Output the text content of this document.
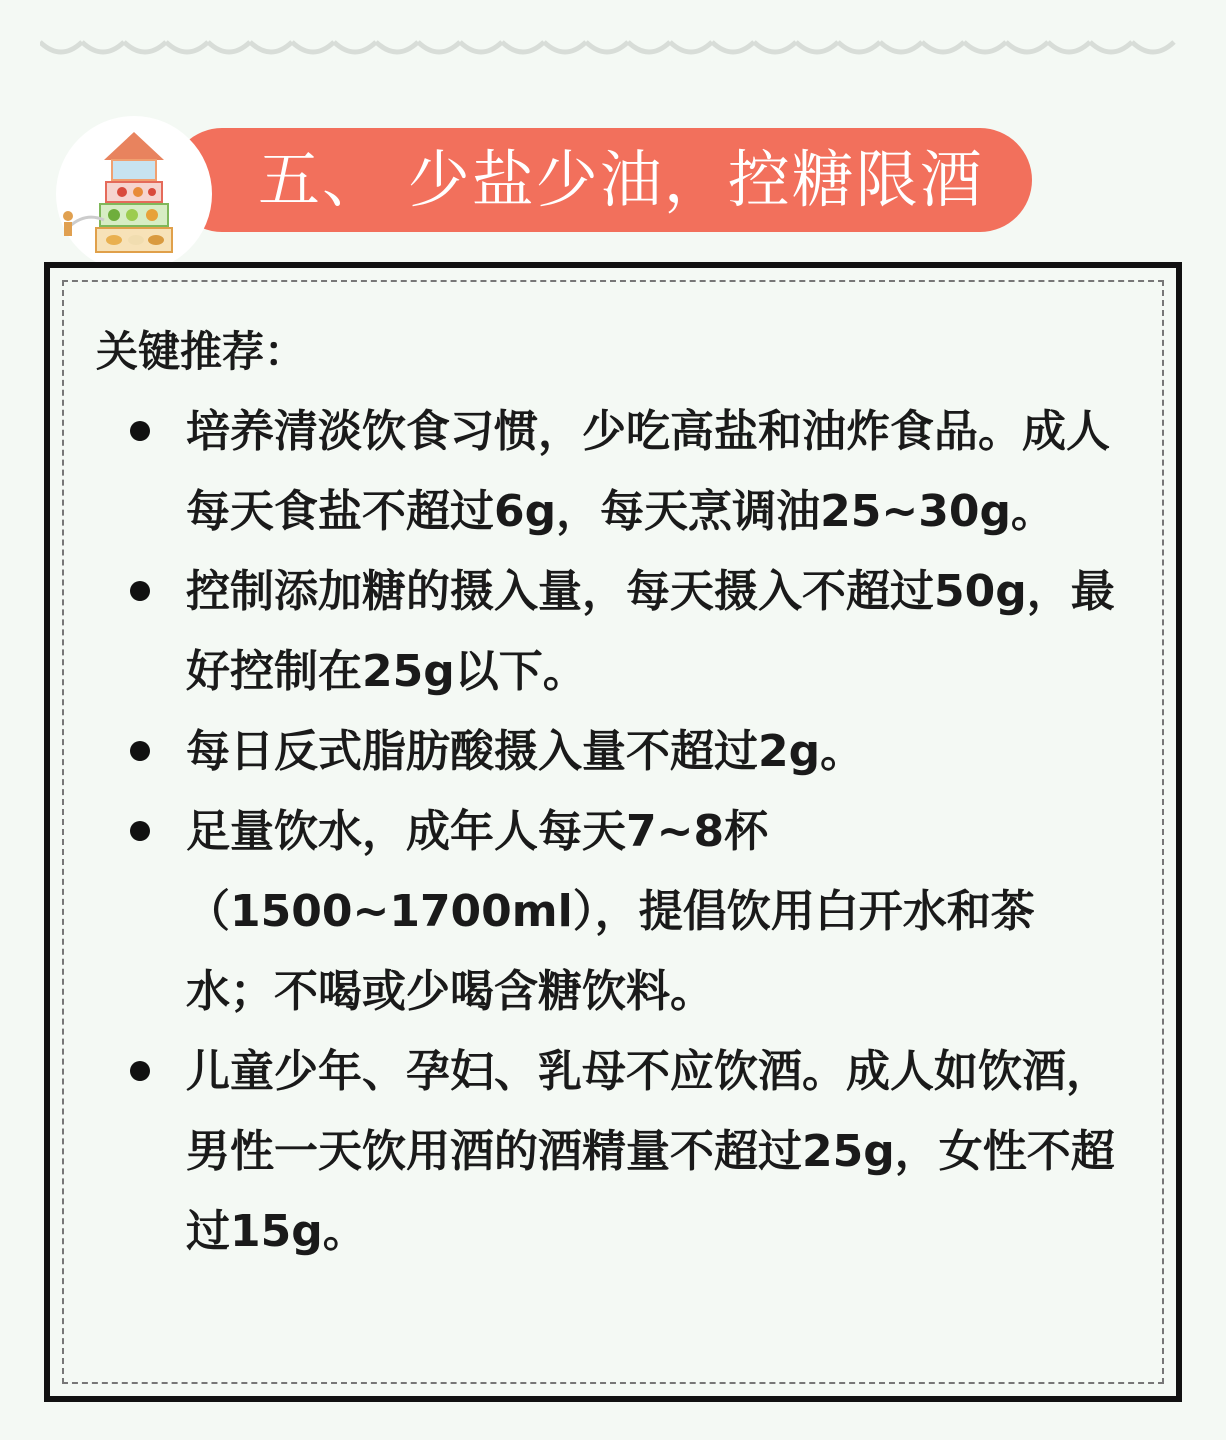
五、 少盐少油，控糖限酒
关键推荐：
培养清淡饮食习惯，少吃高盐和油炸食品。成人每天食盐不超过6g，每天烹调油25~30g。
控制添加糖的摄入量，每天摄入不超过50g，最好控制在25g以下。
每日反式脂肪酸摄入量不超过2g。
足量饮水，成年人每天7~8杯（1500~1700ml），提倡饮用白开水和茶水；不喝或少喝含糖饮料。
儿童少年、孕妇、乳母不应饮酒。成人如饮酒，男性一天饮用酒的酒精量不超过25g，女性不超过15g。
